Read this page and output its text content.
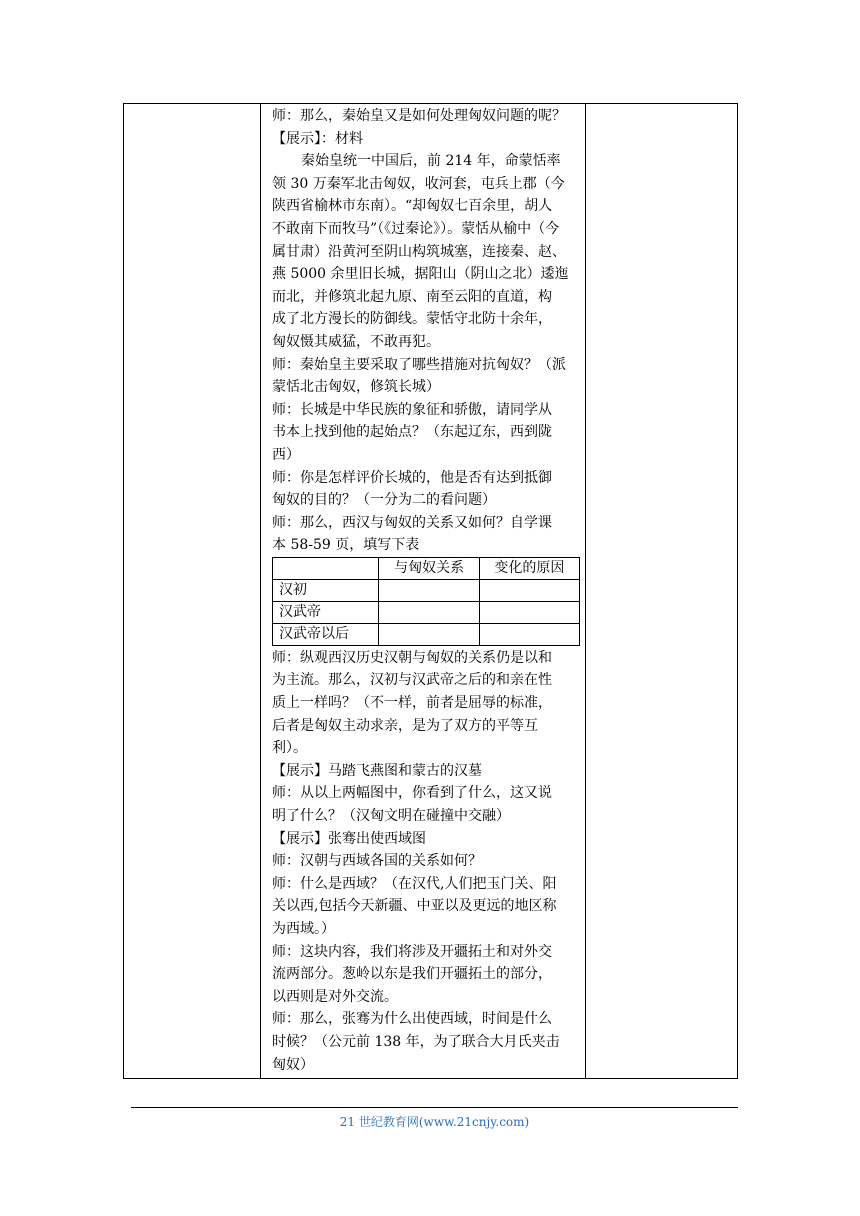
师：那么，秦始皇又是如何处理匈奴问题的呢？
【展示】：材料
秦始皇统一中国后，前 214 年，命蒙恬率
领 30 万秦军北击匈奴，收河套，屯兵上郡（今
陕西省榆林市东南）。“却匈奴七百余里，胡人
不敢南下而牧马”（《过秦论》）。蒙恬从榆中（今
属甘肃）沿黄河至阴山构筑城塞，连接秦、赵、
燕 5000 余里旧长城，据阳山（阴山之北）逶迤
而北，并修筑北起九原、南至云阳的直道，构
成了北方漫长的防御线。蒙恬守北防十余年，
匈奴慑其威猛，不敢再犯。
师：秦始皇主要采取了哪些措施对抗匈奴？（派
蒙恬北击匈奴，修筑长城）
师：长城是中华民族的象征和骄傲，请同学从
书本上找到他的起始点？（东起辽东，西到陇
西）
师：你是怎样评价长城的，他是否有达到抵御
匈奴的目的？（一分为二的看问题）
师：那么，西汉与匈奴的关系又如何？自学课
本 58-59 页，填写下表
	与匈奴关系	变化的原因
汉初		
汉武帝		
汉武帝以后		
师：纵观西汉历史汉朝与匈奴的关系仍是以和
为主流。那么，汉初与汉武帝之后的和亲在性
质上一样吗？（不一样，前者是屈辱的标准，
后者是匈奴主动求亲，是为了双方的平等互
利）。
【展示】马踏飞燕图和蒙古的汉墓
师：从以上两幅图中，你看到了什么，这又说
明了什么？（汉匈文明在碰撞中交融）
【展示】张骞出使西域图
师：汉朝与西域各国的关系如何？
师：什么是西域？（在汉代,人们把玉门关、阳
关以西,包括今天新疆、中亚以及更远的地区称
为西域。）
师：这块内容，我们将涉及开疆拓土和对外交
流两部分。葱岭以东是我们开疆拓土的部分，
以西则是对外交流。
师：那么，张骞为什么出使西域，时间是什么
时候？（公元前 138 年，为了联合大月氏夹击
匈奴）
21 世纪教育网(www.21cnjy.com)
